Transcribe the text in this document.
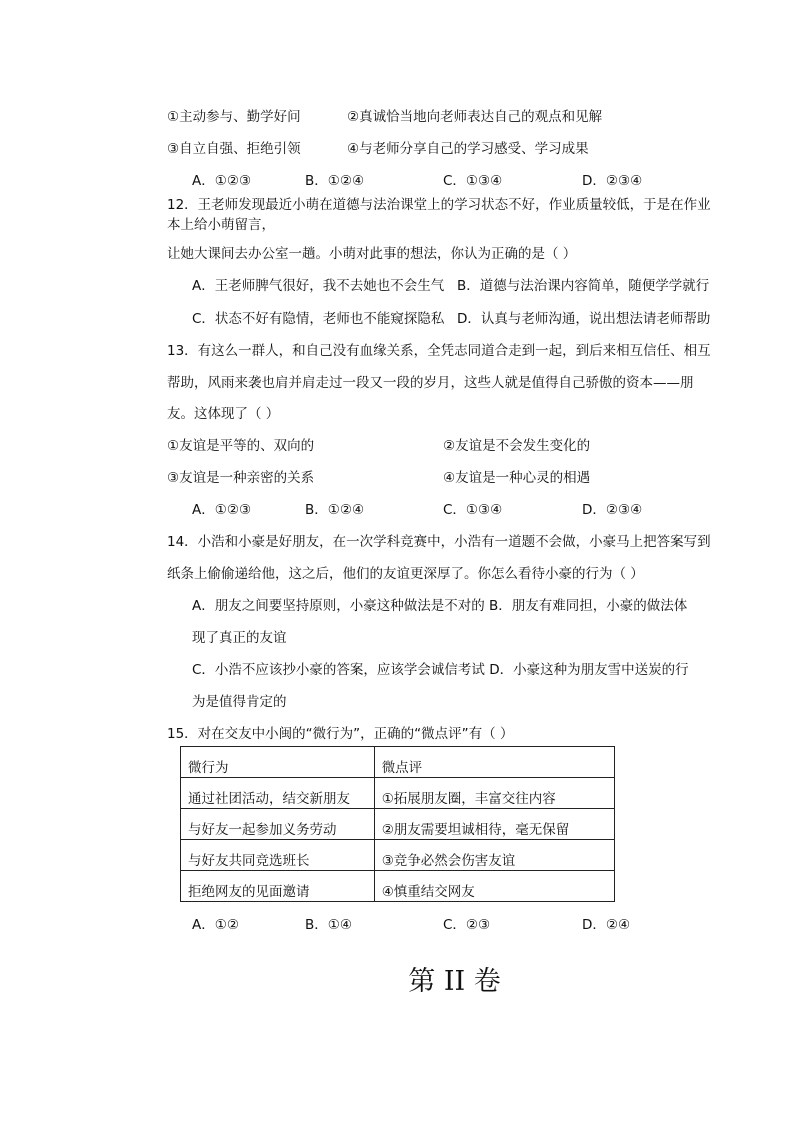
①主动参与、勤学好问	②真诚恰当地向老师表达自己的观点和见解
③自立自强、拒绝引领	④与老师分享自己的学习感受、学习成果
A．①②③	B．①②④	C．①③④	D．②③④
12．王老师发现最近小萌在道德与法治课堂上的学习状态不好，作业质量较低，于是在作业
本上给小萌留言，
让她大课间去办公室一趟。小萌对此事的想法，你认为正确的是（ ）
A．王老师脾气很好，我不去她也不会生气 B．道德与法治课内容简单，随便学学就行
C．状态不好有隐情，老师也不能窥探隐私 D．认真与老师沟通，说出想法请老师帮助
13．有这么一群人，和自己没有血缘关系，全凭志同道合走到一起，到后来相互信任、相互
帮助，风雨来袭也肩并肩走过一段又一段的岁月，这些人就是值得自己骄傲的资本——朋
友。这体现了（ ）
①友谊是平等的、双向的	②友谊是不会发生变化的
③友谊是一种亲密的关系	④友谊是一种心灵的相遇
A．①②③	B．①②④	C．①③④	D．②③④
14．小浩和小豪是好朋友，在一次学科竞赛中，小浩有一道题不会做，小豪马上把答案写到
纸条上偷偷递给他，这之后，他们的友谊更深厚了。你怎么看待小豪的行为（ ）
A．朋友之间要坚持原则，小豪这种做法是不对的 B．朋友有难同担，小豪的做法体
现了真正的友谊
C．小浩不应该抄小豪的答案，应该学会诚信考试 D．小豪这种为朋友雪中送炭的行
为是值得肯定的
15．对在交友中小闽的“微行为”，正确的“微点评”有（ ）
微行为	微点评
通过社团活动，结交新朋友	①拓展朋友圈，丰富交往内容
与好友一起参加义务劳动	②朋友需要坦诚相待，毫无保留
与好友共同竞选班长	③竞争必然会伤害友谊
拒绝网友的见面邀请	④慎重结交网友
A．①②	B．①④	C．②③	D．②④
第 II 卷
